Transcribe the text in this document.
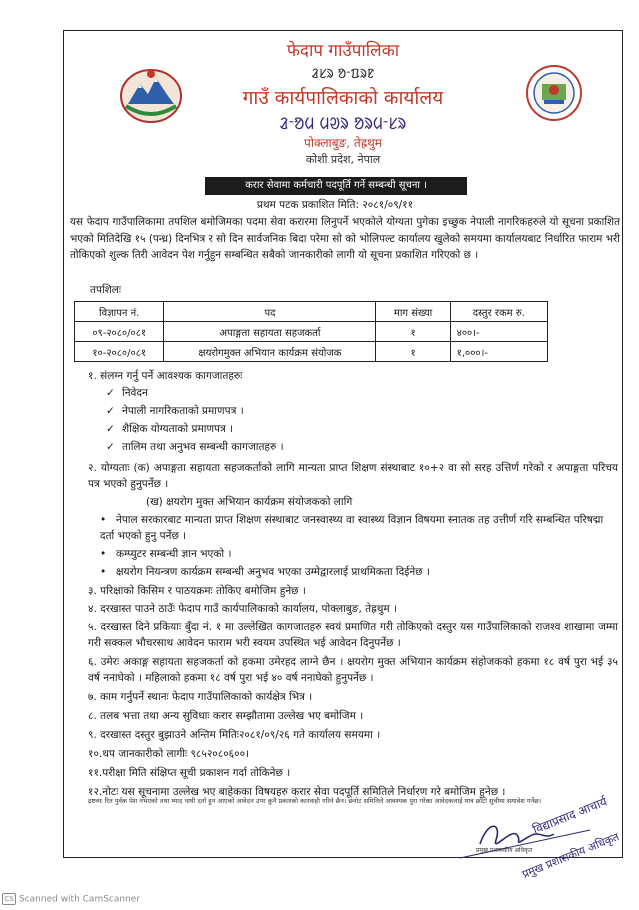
फेदाप गाउँपालिका
ᱲᱥᱨ ᱚᱼᱯᱨᱱ
गाउँ कार्यपालिकाको कार्यालय
ᱲᱼᱚᱢ ᱢᱣᱨ ᱚᱨᱢᱼᱥᱨ
पोक्लाबुङ, तेह्रथुम
कोशी प्रदेश, नेपाल
करार सेवामा कर्मचारी पदपूर्ति गर्ने सम्बन्धी सूचना ।
प्रथम पटक प्रकाशित मिति: २०८१/०९/११
यस फेदाप गाउँपालिकामा तपशिल बमोजिमका पदमा सेवा करारमा लिनुपर्ने भएकोले योग्यता पुगेका इच्छुक नेपाली नागरिकहरुले यो सूचना प्रकाशित भएको मितिदेखि १५ (पन्ध्र) दिनभित्र र सो दिन सार्वजनिक बिदा परेमा सो को भोलिपल्ट कार्यालय खुलेको समयमा कार्यालयबाट निर्धारित फाराम भरी तोकिएको शुल्क तिरी आवेदन पेश गर्नुहुन सम्बन्धित सबैको जानकारीको लागी यो सूचना प्रकाशित गरिएको छ ।
तपशिलः
विज्ञापन नं.	पद	माग संख्या	दस्तुर रकम रु.
०९-२०८०/०८१	अपाङ्गता सहायता सहजकर्ता	१	४००।-
१०-२०८०/०८१	क्षयरोगमुक्त अभियान कार्यक्रम संयोजक	१	१,०००।-
१. संलग्न गर्नु पर्ने आवश्यक कागजातहरुः
✓ निवेदन
✓ नेपाली नागरिकताको प्रमाणपत्र ।
✓ शैक्षिक योग्यताको प्रमाणपत्र ।
✓ तालिम तथा अनुभव सम्बन्धी कागजातहरु ।
२. योग्यताः (क) अपाङ्गता सहायता सहजकर्ताको लागि मान्यता प्राप्त शिक्षण संस्थाबाट १०+२ वा सो सरह उत्तिर्ण गरेको र अपाङ्गता परिचय पत्र भएको हुनुपर्नेछ ।
(ख) क्षयरोग मुक्त अभियान कार्यक्रम संयोजकको लागि
• नेपाल सरकारबाट मान्यता प्राप्त शिक्षण संस्थाबाट जनस्वास्थ्य वा स्वास्थ्य विज्ञान विषयमा स्नातक तह उत्तीर्ण गरि सम्बन्धित परिषद्मा दर्ता भएको हुनु पर्नेछ ।
• कम्प्युटर सम्बन्धी ज्ञान भएको ।
• क्षयरोग नियन्त्रण कार्यक्रम सम्बन्धी अनुभव भएका उम्मेद्वारलाई प्राथमिकता दिईनेछ ।
३. परिक्षाको किसिम र पाठयक्रमः तोकिए बमोजिम हुनेछ ।
४. दरखास्त पाउने ठाउँः फेदाप गाउँ कार्यपालिकाको कार्यालय, पोक्लाबुङ, तेह्रथुम ।
५. दरखास्त दिने प्रकियाः बुँदा नं. १ मा उल्लेखित कागजातहरु स्वयं प्रमाणित गरी तोकिएको दस्तुर यस गाउँपालिकाको राजश्व शाखामा जम्मा गरी सक्कल भौचरसाथ आवेदन फाराम भरी स्वयम उपस्थित भई आवेदन दिनुपर्नेछ ।
६. उमेरः अकाङ्ग सहायता सहजकर्ता को हकमा उमेरहद लाग्ने छैन । क्षयरोग मुक्त अभियान कार्यक्रम संहोजकको हकमा १८ वर्ष पुरा भई ३५ वर्ष ननाघेको । महिलाको हकमा १८ वर्ष पुरा भई ४० वर्ष ननाघेको हुनुपर्नेछ ।
७. काम गर्नुपर्ने स्थानः फेदाप गाउँपालिकाको कार्यक्षेत्र भित्र ।
८. तलब भत्ता तथा अन्य सुविधाः करार सम्झौतामा उल्लेख भए बमोजिम ।
९. दरखास्त दस्तुर बुझाउने अन्तिम मितिः२०८१/०९/२६ गते कार्यालय समयमा ।
१०.थप जानकारीको लागीः ९८५२०८०६००।
११.परीक्षा मिति संक्षिप्त सूची प्रकाशन गर्दा तोकिनेछ ।
१२.नोटः यस सूचनामा उल्लेख भए बाहेकका विषयहरु करार सेवा पदपूर्ति समितिले निर्धारण गरे बमोजिम हुनेछ ।
द्रष्टव्यः रित पुर्वक पेश नभएको तथा म्याद नाघी दर्ता हुन आएको आवेदन उपर कुनै प्रकारको कारवाही गरिने छैन। छनोट समितिले आवश्यक पुरा गरेका आवेदकलाई मात्र छोटो सुचीमा समावेश गर्नेछ।
प्रमुख प्रशासकीय अधिकृत
विद्याप्रसाद आचार्य
प्रमुख प्रशासकीय अधिकृत
CS Scanned with CamScanner
